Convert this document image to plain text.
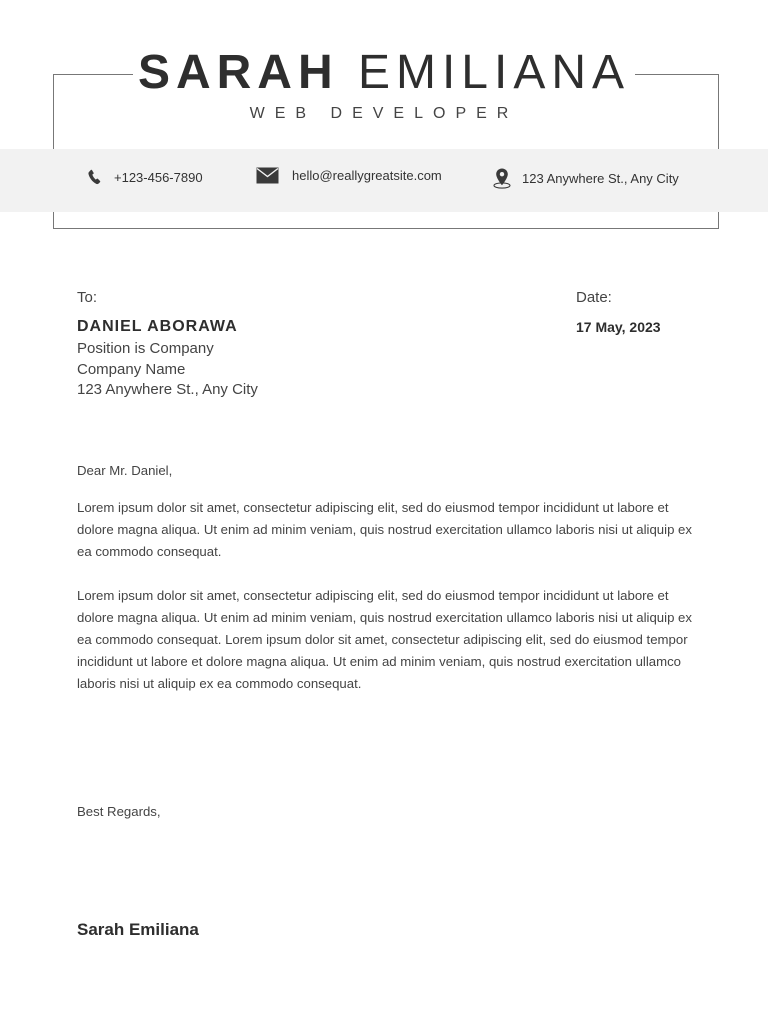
SARAH EMILIANA
WEB DEVELOPER
+123-456-7890	hello@reallygreatsite.com	123 Anywhere St., Any City
To:	Date:
DANIEL ABORAWA	17 May, 2023
Position is Company
Company Name
123 Anywhere St., Any City
Dear Mr. Daniel,
Lorem ipsum dolor sit amet, consectetur adipiscing elit, sed do eiusmod tempor incididunt ut labore et dolore magna aliqua. Ut enim ad minim veniam, quis nostrud exercitation ullamco laboris nisi ut aliquip ex ea commodo consequat.
Lorem ipsum dolor sit amet, consectetur adipiscing elit, sed do eiusmod tempor incididunt ut labore et dolore magna aliqua. Ut enim ad minim veniam, quis nostrud exercitation ullamco laboris nisi ut aliquip ex ea commodo consequat. Lorem ipsum dolor sit amet, consectetur adipiscing elit, sed do eiusmod tempor incididunt ut labore et dolore magna aliqua. Ut enim ad minim veniam, quis nostrud exercitation ullamco laboris nisi ut aliquip ex ea commodo consequat.
Best Regards,
Sarah Emiliana
